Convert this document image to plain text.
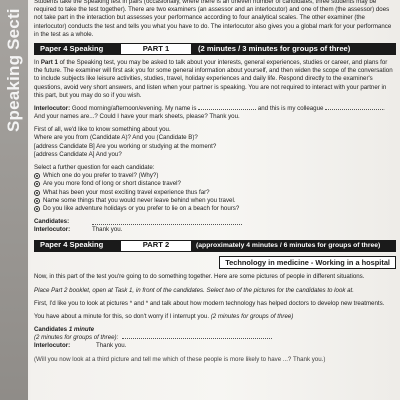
Speaking Secti

Students take the Speaking test in pairs (occasionally, where there is an uneven number of candidates, three students may be required to take the test together). There are two examiners (an assessor and an interlocutor) and one of them (the assessor) does not take part in the interaction but assesses your performance according to four analytical scales. The other examiner (the interlocutor) conducts the test and tells you what you have to do. The interlocutor also gives you a global mark for your performance in the test as a whole.

Paper 4 Speaking	PART 1	(2 minutes / 3 minutes for groups of three)

In Part 1 of the Speaking test, you may be asked to talk about your interests, general experiences, studies or career, and plans for the future. The examiner will first ask you for some general information about yourself, and then widen the scope of the conversation to include subjects like leisure activities, studies, travel, holiday experiences and daily life. Respond directly to the examiner's questions, avoid very short answers, and listen when your partner is speaking. You are not required to interact with your partner in this part, but you may do so if you wish.

Interlocutor: Good morning/afternoon/evening. My name is	and this is my colleague	.

And your names are...? Could I have your mark sheets, please? Thank you.

First of all, we'd like to know something about you.

Where are you from (Candidate A)? And you (Candidate B)?

[address Candidate B] Are you working or studying at the moment?

[address Candidate A] And you?

Select a further question for each candidate:

Which one do you prefer to travel? (Why?)
Are you more fond of long or short distance travel?
What has been your most exciting travel experience thus far?
Name some things that you would never leave behind when you travel.
Do you like adventure holidays or you prefer to lie on a beach for hours?
Candidates:
Interlocutor:	Thank you.
Paper 4 Speaking	PART 2	(approximately 4 minutes / 6 minutes for groups of three)
Technology in medicine - Working in a hospital

Now, in this part of the test you're going to do something together. Here are some pictures of people in different situations.

Place Part 2 booklet, open at Task 1, in front of the candidates. Select two of the pictures for the candidates to look at.

First, I'd like you to look at pictures * and * and talk about how modern technology has helped doctors to develop new treatments.

You have about a minute for this, so don't worry if I interrupt you. (2 minutes for groups of three)

Candidates 1 minute
(2 minutes for groups of three):
Interlocutor:	Thank you.

(Will you now look at a third picture and tell me which of these people is more likely to have ...? Thank you.)
